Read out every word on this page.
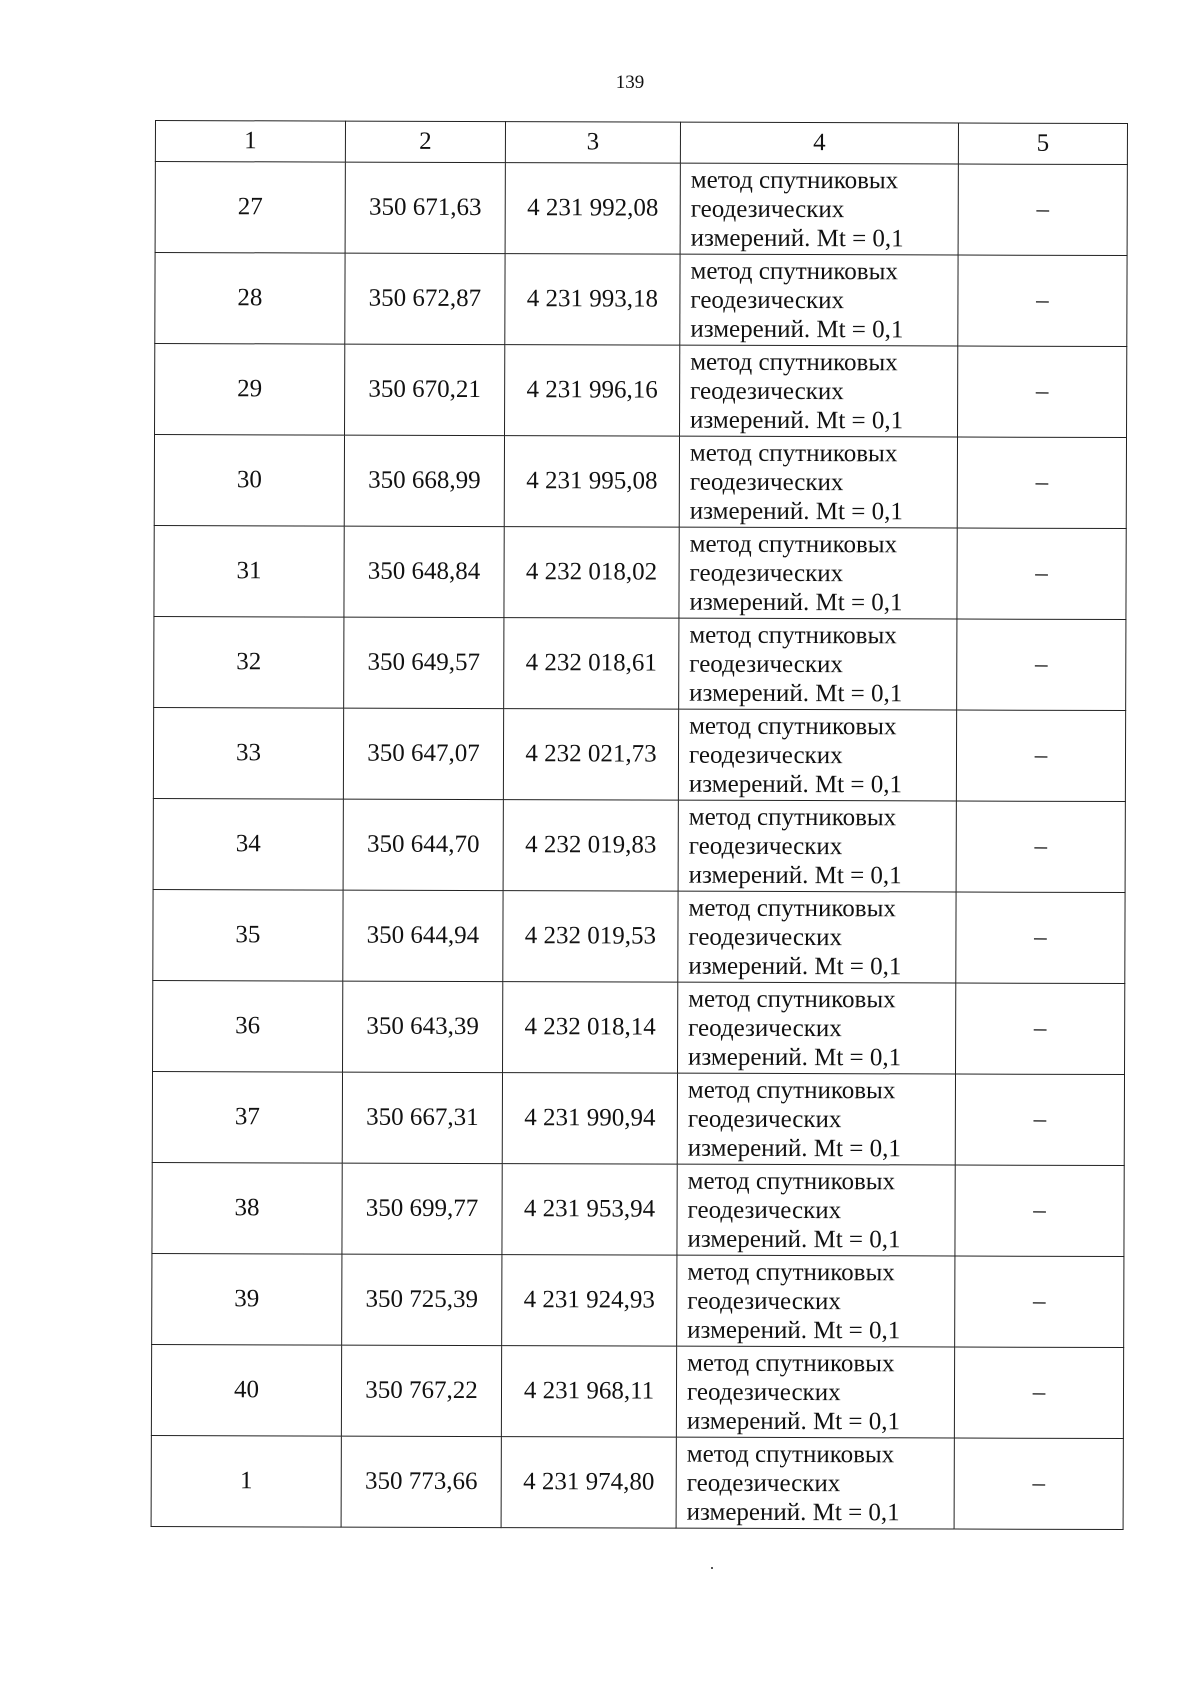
139
1	2	3	4	5
27	350 671,63	4 231 992,08	метод спутниковых
геодезических
измерений. Mt = 0,1	–
28	350 672,87	4 231 993,18	метод спутниковых
геодезических
измерений. Mt = 0,1	–
29	350 670,21	4 231 996,16	метод спутниковых
геодезических
измерений. Mt = 0,1	–
30	350 668,99	4 231 995,08	метод спутниковых
геодезических
измерений. Mt = 0,1	–
31	350 648,84	4 232 018,02	метод спутниковых
геодезических
измерений. Mt = 0,1	–
32	350 649,57	4 232 018,61	метод спутниковых
геодезических
измерений. Mt = 0,1	–
33	350 647,07	4 232 021,73	метод спутниковых
геодезических
измерений. Mt = 0,1	–
34	350 644,70	4 232 019,83	метод спутниковых
геодезических
измерений. Mt = 0,1	–
35	350 644,94	4 232 019,53	метод спутниковых
геодезических
измерений. Mt = 0,1	–
36	350 643,39	4 232 018,14	метод спутниковых
геодезических
измерений. Mt = 0,1	–
37	350 667,31	4 231 990,94	метод спутниковых
геодезических
измерений. Mt = 0,1	–
38	350 699,77	4 231 953,94	метод спутниковых
геодезических
измерений. Mt = 0,1	–
39	350 725,39	4 231 924,93	метод спутниковых
геодезических
измерений. Mt = 0,1	–
40	350 767,22	4 231 968,11	метод спутниковых
геодезических
измерений. Mt = 0,1	–
1	350 773,66	4 231 974,80	метод спутниковых
геодезических
измерений. Mt = 0,1	–
